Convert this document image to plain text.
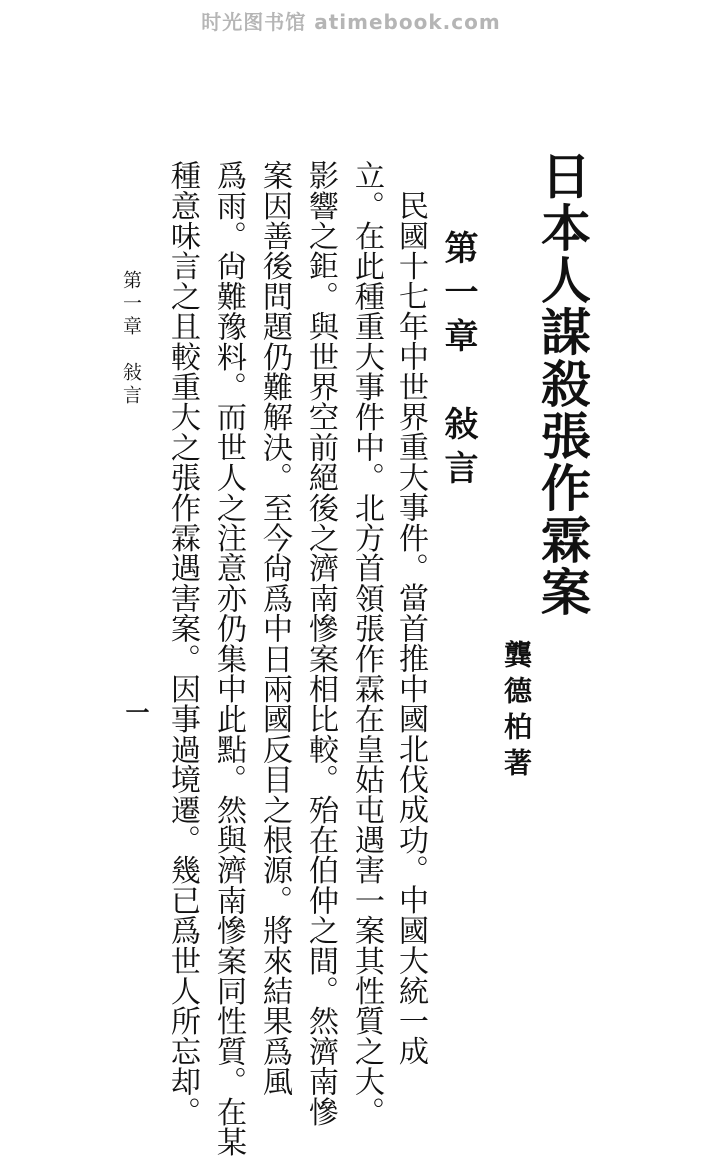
时光图书馆 atimebook.com
日本人謀殺張作霖案
龔德柏著
第一章　敍言
民國十七年中世界重大事件。當首推中國北伐成功。中國大統一成
立。在此種重大事件中。北方首領張作霖在皇姑屯遇害一案其性質之大。
影響之鉅。與世界空前絕後之濟南慘案相比較。殆在伯仲之間。然濟南慘
案因善後問題仍難解決。至今尙爲中日兩國反目之根源。將來結果爲風
爲雨。尙難豫料。而世人之注意亦仍集中此點。然與濟南慘案同性質。在某
種意味言之且較重大之張作霖遇害案。因事過境遷。幾已爲世人所忘却。
第一章　敍言
一
